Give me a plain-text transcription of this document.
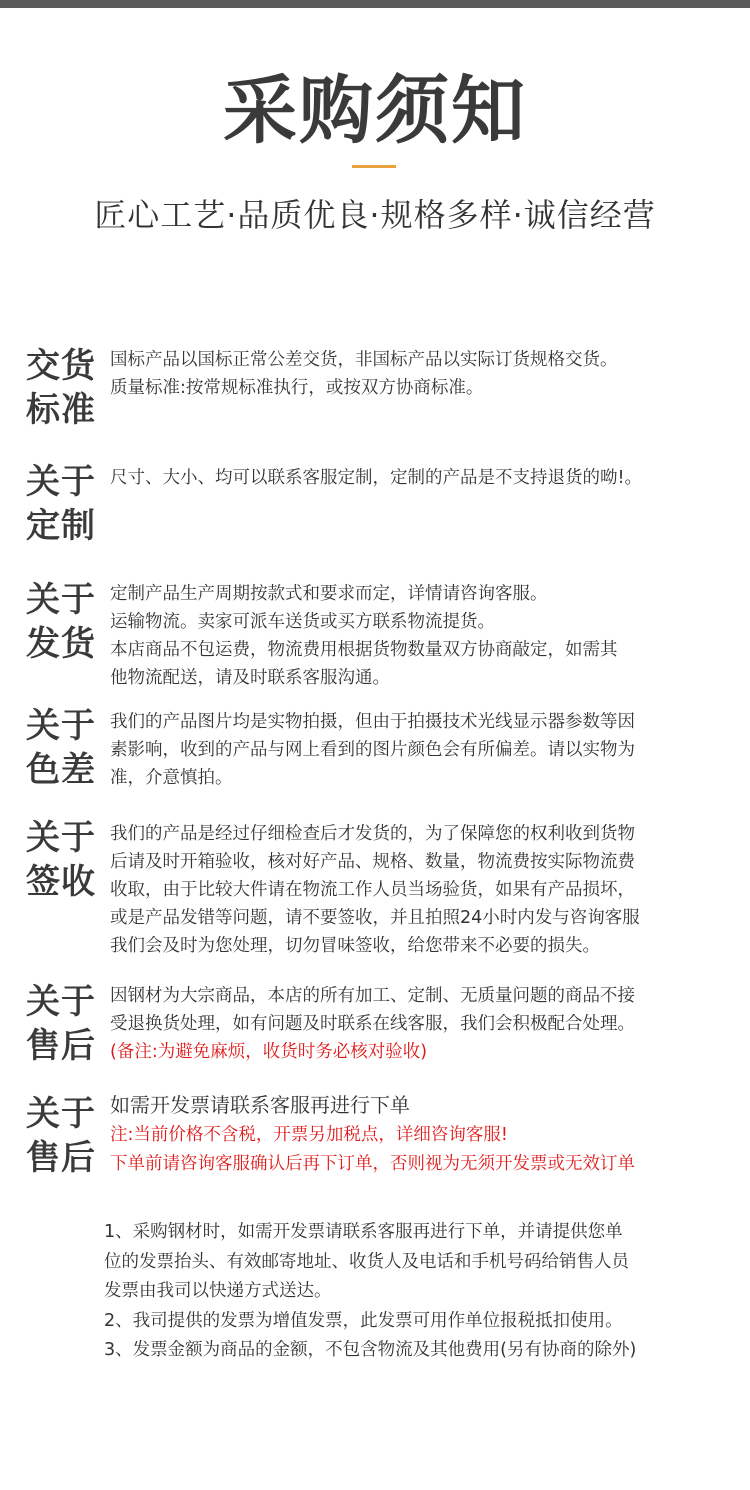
采购须知
匠心工艺·品质优良·规格多样·诚信经营
交货
标准
国标产品以国标正常公差交货，非国标产品以实际订货规格交货。
质量标准:按常规标准执行，或按双方协商标准。
关于
定制
尺寸、大小、均可以联系客服定制，定制的产品是不支持退货的呦!。
关于
发货
定制产品生产周期按款式和要求而定，详情请咨询客服。
运输物流。卖家可派车送货或买方联系物流提货。
本店商品不包运费，物流费用根据货物数量双方协商敲定，如需其
他物流配送，请及时联系客服沟通。
关于
色差
我们的产品图片均是实物拍摄，但由于拍摄技术光线显示器参数等因
素影响，收到的产品与网上看到的图片颜色会有所偏差。请以实物为
准，介意慎拍。
关于
签收
我们的产品是经过仔细检查后才发货的，为了保障您的权利收到货物
后请及时开箱验收，核对好产品、规格、数量，物流费按实际物流费
收取，由于比较大件请在物流工作人员当场验货，如果有产品损坏，
或是产品发错等问题，请不要签收，并且拍照24小时内发与咨询客服
我们会及时为您处理，切勿冒味签收，给您带来不必要的损失。
关于
售后
因钢材为大宗商品，本店的所有加工、定制、无质量问题的商品不接
受退换货处理，如有问题及时联系在线客服，我们会积极配合处理。
(备注:为避免麻烦，收货时务必核对验收)
关于
售后
如需开发票请联系客服再进行下单
注:当前价格不含税，开票另加税点，详细咨询客服!
下单前请咨询客服确认后再下订单，否则视为无须开发票或无效订单
1、采购钢材时，如需开发票请联系客服再进行下单，并请提供您单
位的发票抬头、有效邮寄地址、收货人及电话和手机号码给销售人员
发票由我司以快递方式送达。
2、我司提供的发票为增值发票，此发票可用作单位报税抵扣使用。
3、发票金额为商品的金额，不包含物流及其他费用(另有协商的除外)
